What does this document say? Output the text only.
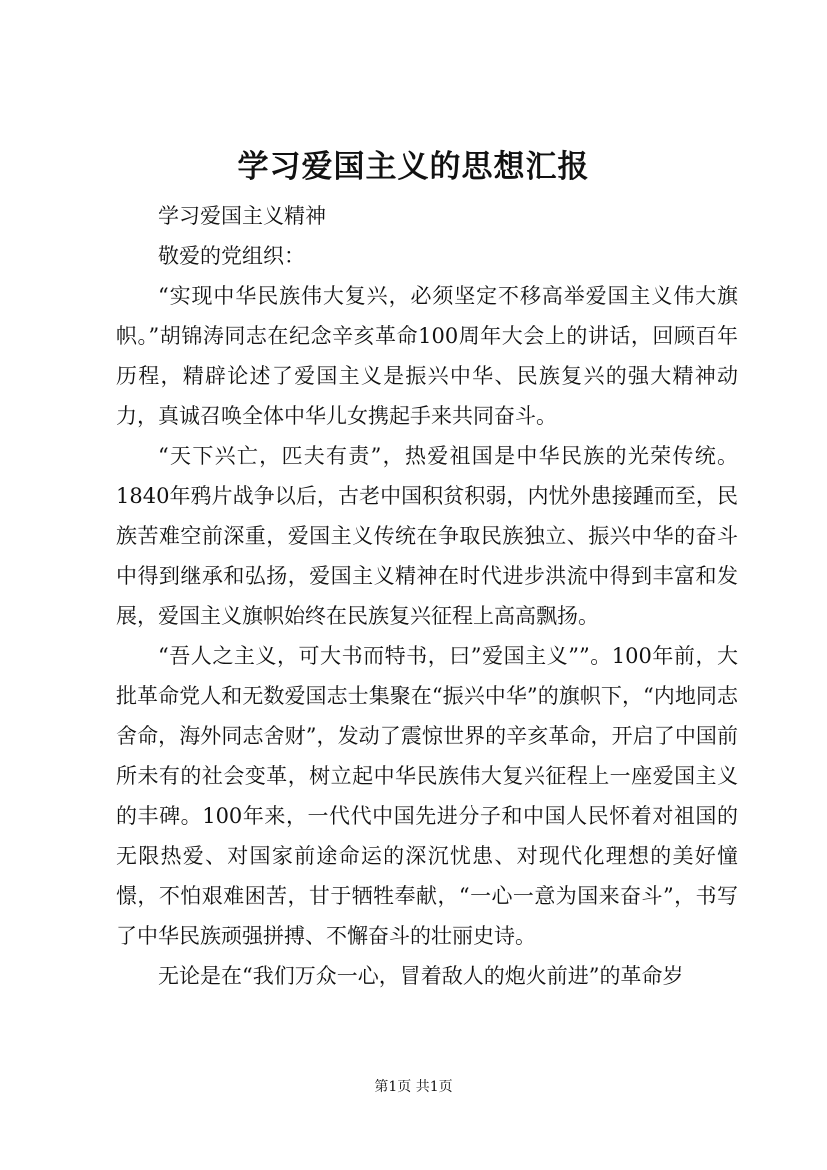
学习爱国主义的思想汇报

学习爱国主义精神

敬爱的党组织：

“实现中华民族伟大复兴，必须坚定不移高举爱国主义伟大旗帜。”胡锦涛同志在纪念辛亥革命100周年大会上的讲话，回顾百年历程，精辟论述了爱国主义是振兴中华、民族复兴的强大精神动力，真诚召唤全体中华儿女携起手来共同奋斗。

“天下兴亡，匹夫有责”，热爱祖国是中华民族的光荣传统。1840年鸦片战争以后，古老中国积贫积弱，内忧外患接踵而至，民族苦难空前深重，爱国主义传统在争取民族独立、振兴中华的奋斗中得到继承和弘扬，爱国主义精神在时代进步洪流中得到丰富和发展，爱国主义旗帜始终在民族复兴征程上高高飘扬。

“吾人之主义，可大书而特书，曰”爱国主义””。100年前，大批革命党人和无数爱国志士集聚在“振兴中华”的旗帜下，“内地同志舍命，海外同志舍财”，发动了震惊世界的辛亥革命，开启了中国前所未有的社会变革，树立起中华民族伟大复兴征程上一座爱国主义的丰碑。100年来，一代代中国先进分子和中国人民怀着对祖国的无限热爱、对国家前途命运的深沉忧患、对现代化理想的美好憧憬，不怕艰难困苦，甘于牺牲奉献，“一心一意为国来奋斗”，书写了中华民族顽强拼搏、不懈奋斗的壮丽史诗。

无论是在“我们万众一心，冒着敌人的炮火前进”的革命岁

第1页 共1页
